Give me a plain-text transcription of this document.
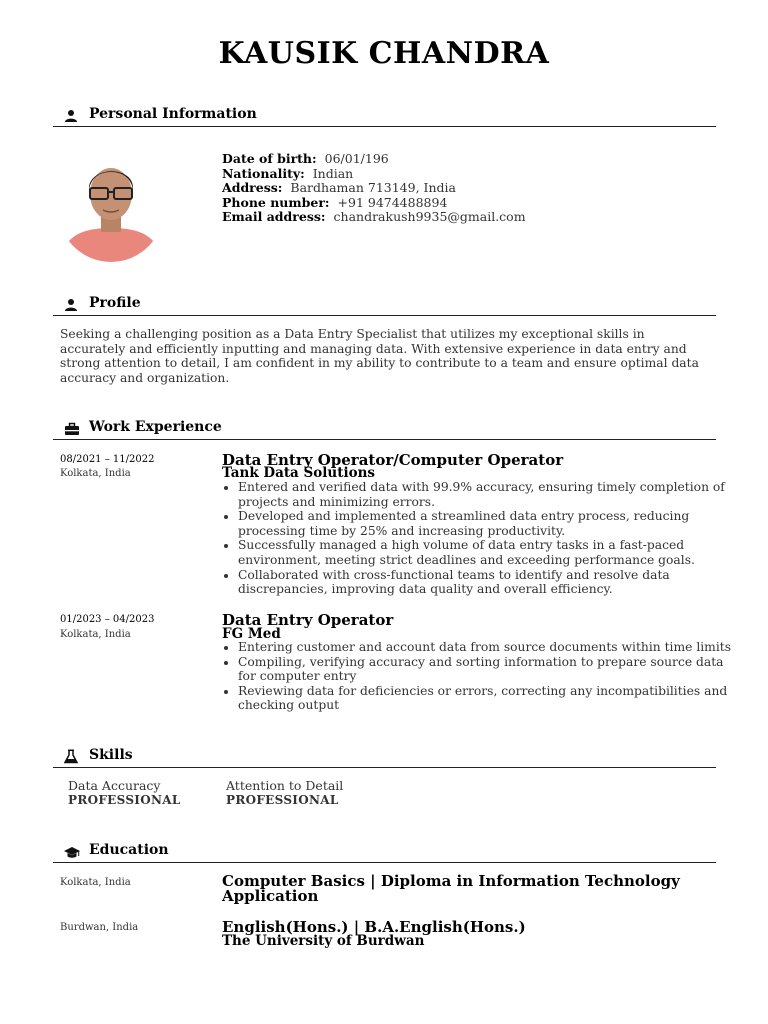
KAUSIK CHANDRA
Personal Information
Date of birth: 06/01/196
Nationality: Indian
Address: Bardhaman 713149, India
Phone number: +91 9474488894
Email address: chandrakush9935@gmail.com
Profile
Seeking a challenging position as a Data Entry Specialist that utilizes my exceptional skills in accurately and efficiently inputting and managing data. With extensive experience in data entry and strong attention to detail, I am confident in my ability to contribute to a team and ensure optimal data accuracy and organization.
Work Experience
08/2021 – 11/2022
Kolkata, India
Data Entry Operator/Computer Operator
Tank Data Solutions
• Entered and verified data with 99.9% accuracy, ensuring timely completion of projects and minimizing errors.
• Developed and implemented a streamlined data entry process, reducing processing time by 25% and increasing productivity.
• Successfully managed a high volume of data entry tasks in a fast-paced environment, meeting strict deadlines and exceeding performance goals.
• Collaborated with cross-functional teams to identify and resolve data discrepancies, improving data quality and overall efficiency.
01/2023 – 04/2023
Kolkata, India
Data Entry Operator
FG Med
• Entering customer and account data from source documents within time limits
• Compiling, verifying accuracy and sorting information to prepare source data for computer entry
• Reviewing data for deficiencies or errors, correcting any incompatibilities and checking output
Skills
Data Accuracy
PROFESSIONAL
Attention to Detail
PROFESSIONAL
Education
Kolkata, India	Computer Basics | Diploma in Information Technology Application
Burdwan, India	English(Hons.) | B.A.English(Hons.)
The University of Burdwan
